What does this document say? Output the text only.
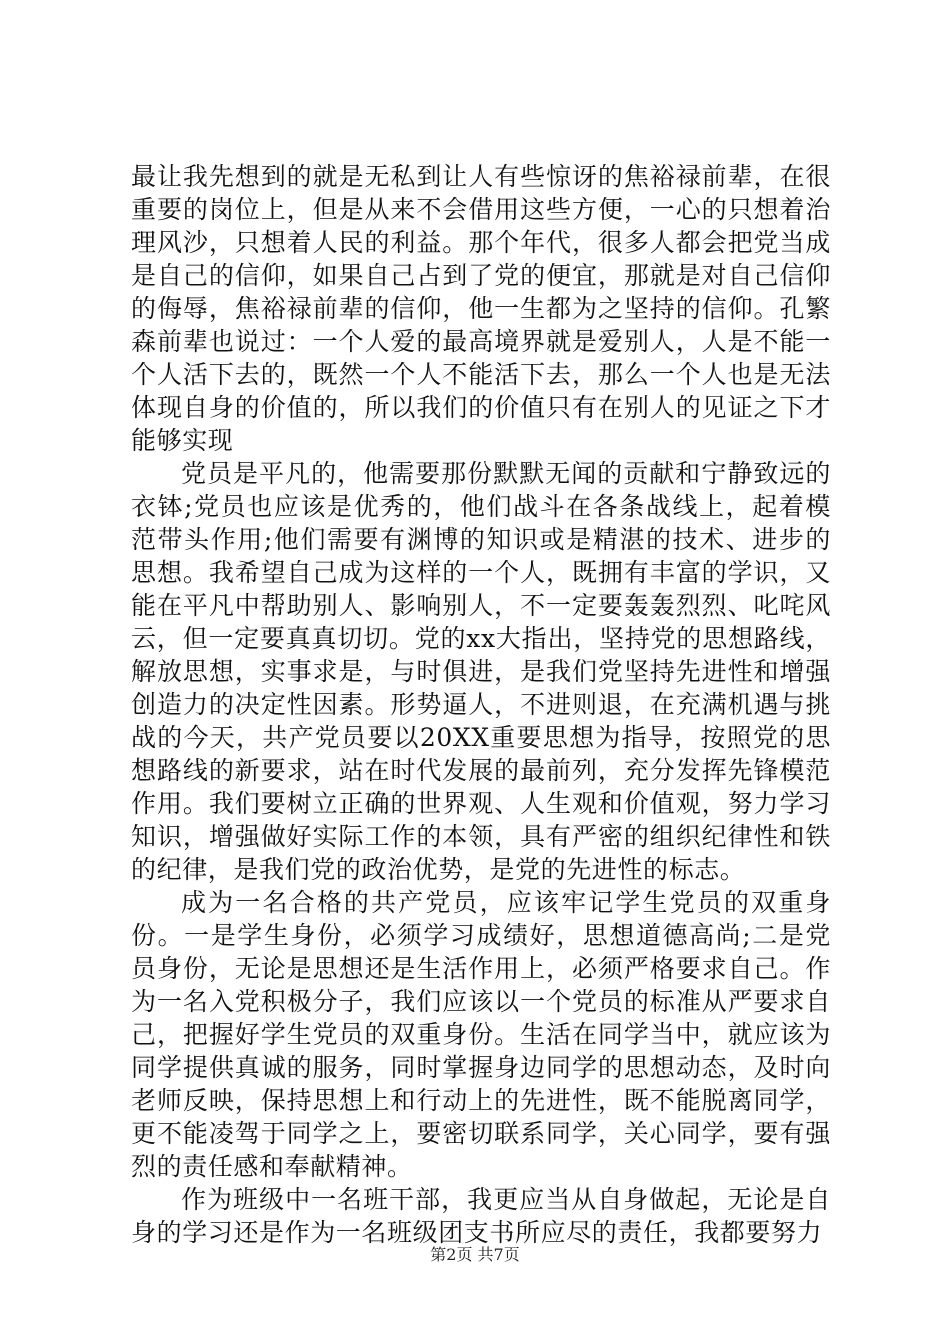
最让我先想到的就是无私到让人有些惊讶的焦裕禄前辈，在很重要的岗位上，但是从来不会借用这些方便，一心的只想着治理风沙，只想着人民的利益。那个年代，很多人都会把党当成是自己的信仰，如果自己占到了党的便宜，那就是对自己信仰的侮辱，焦裕禄前辈的信仰，他一生都为之坚持的信仰。孔繁森前辈也说过：一个人爱的最高境界就是爱别人，人是不能一个人活下去的，既然一个人不能活下去，那么一个人也是无法体现自身的价值的，所以我们的价值只有在别人的见证之下才能够实现

党员是平凡的，他需要那份默默无闻的贡献和宁静致远的衣钵;党员也应该是优秀的，他们战斗在各条战线上，起着模范带头作用;他们需要有渊博的知识或是精湛的技术、进步的思想。我希望自己成为这样的一个人，既拥有丰富的学识，又能在平凡中帮助别人、影响别人，不一定要轰轰烈烈、叱咤风云，但一定要真真切切。党的xx大指出，坚持党的思想路线，解放思想，实事求是，与时俱进，是我们党坚持先进性和增强创造力的决定性因素。形势逼人，不进则退，在充满机遇与挑战的今天，共产党员要以20XX重要思想为指导，按照党的思想路线的新要求，站在时代发展的最前列，充分发挥先锋模范作用。我们要树立正确的世界观、人生观和价值观，努力学习知识，增强做好实际工作的本领，具有严密的组织纪律性和铁的纪律，是我们党的政治优势，是党的先进性的标志。

成为一名合格的共产党员，应该牢记学生党员的双重身份。一是学生身份，必须学习成绩好，思想道德高尚;二是党员身份，无论是思想还是生活作用上，必须严格要求自己。作为一名入党积极分子，我们应该以一个党员的标准从严要求自己，把握好学生党员的双重身份。生活在同学当中，就应该为同学提供真诚的服务，同时掌握身边同学的思想动态，及时向老师反映，保持思想上和行动上的先进性，既不能脱离同学，更不能凌驾于同学之上，要密切联系同学，关心同学，要有强烈的责任感和奉献精神。

作为班级中一名班干部，我更应当从自身做起，无论是自身的学习还是作为一名班级团支书所应尽的责任，我都要努力

第2页 共7页
